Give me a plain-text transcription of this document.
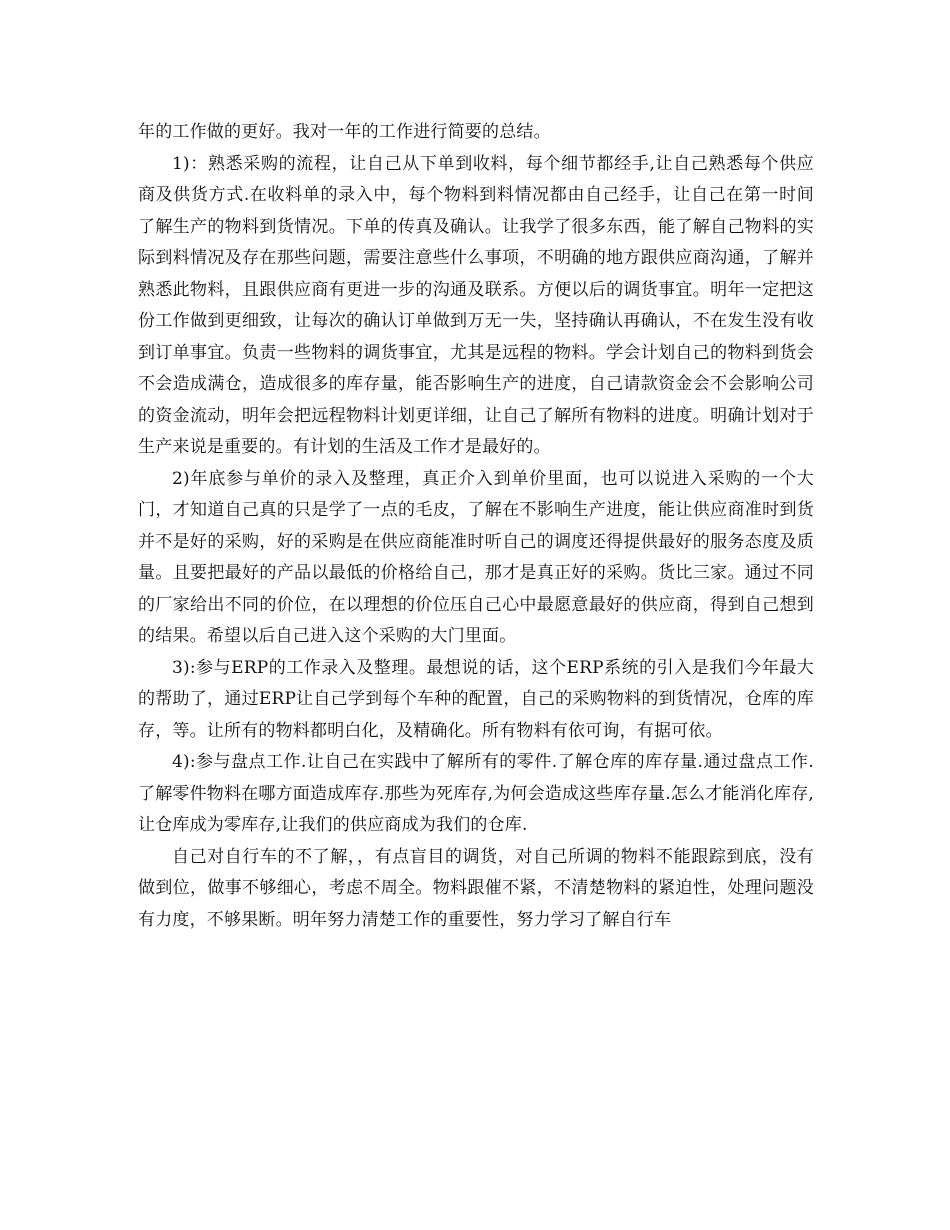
年的工作做的更好。我对一年的工作进行简要的总结。

1)：熟悉采购的流程，让自己从下单到收料，每个细节都经手,让自己熟悉每个供应商及供货方式.在收料单的录入中，每个物料到料情况都由自己经手，让自己在第一时间了解生产的物料到货情况。下单的传真及确认。让我学了很多东西，能了解自己物料的实际到料情况及存在那些问题，需要注意些什么事项，不明确的地方跟供应商沟通，了解并熟悉此物料，且跟供应商有更进一步的沟通及联系。方便以后的调货事宜。明年一定把这份工作做到更细致，让每次的确认订单做到万无一失，坚持确认再确认，不在发生没有收到订单事宜。负责一些物料的调货事宜，尤其是远程的物料。学会计划自己的物料到货会不会造成满仓，造成很多的库存量，能否影响生产的进度，自己请款资金会不会影响公司的资金流动，明年会把远程物料计划更详细，让自己了解所有物料的进度。明确计划对于生产来说是重要的。有计划的生活及工作才是最好的。

2)年底参与单价的录入及整理，真正介入到单价里面，也可以说进入采购的一个大门，才知道自己真的只是学了一点的毛皮，了解在不影响生产进度，能让供应商准时到货并不是好的采购，好的采购是在供应商能准时听自己的调度还得提供最好的服务态度及质量。且要把最好的产品以最低的价格给自己，那才是真正好的采购。货比三家。通过不同的厂家给出不同的价位，在以理想的价位压自己心中最愿意最好的供应商，得到自己想到的结果。希望以后自己进入这个采购的大门里面。

3):参与ERP的工作录入及整理。最想说的话，这个ERP系统的引入是我们今年最大的帮助了，通过ERP让自己学到每个车种的配置，自己的采购物料的到货情况，仓库的库存，等。让所有的物料都明白化，及精确化。所有物料有依可询，有据可依。

4):参与盘点工作.让自己在实践中了解所有的零件.了解仓库的库存量.通过盘点工作.了解零件物料在哪方面造成库存.那些为死库存,为何会造成这些库存量.怎么才能消化库存,让仓库成为零库存,让我们的供应商成为我们的仓库.

自己对自行车的不了解，，有点盲目的调货，对自己所调的物料不能跟踪到底，没有做到位，做事不够细心，考虑不周全。物料跟催不紧，不清楚物料的紧迫性，处理问题没有力度，不够果断。明年努力清楚工作的重要性，努力学习了解自行车
